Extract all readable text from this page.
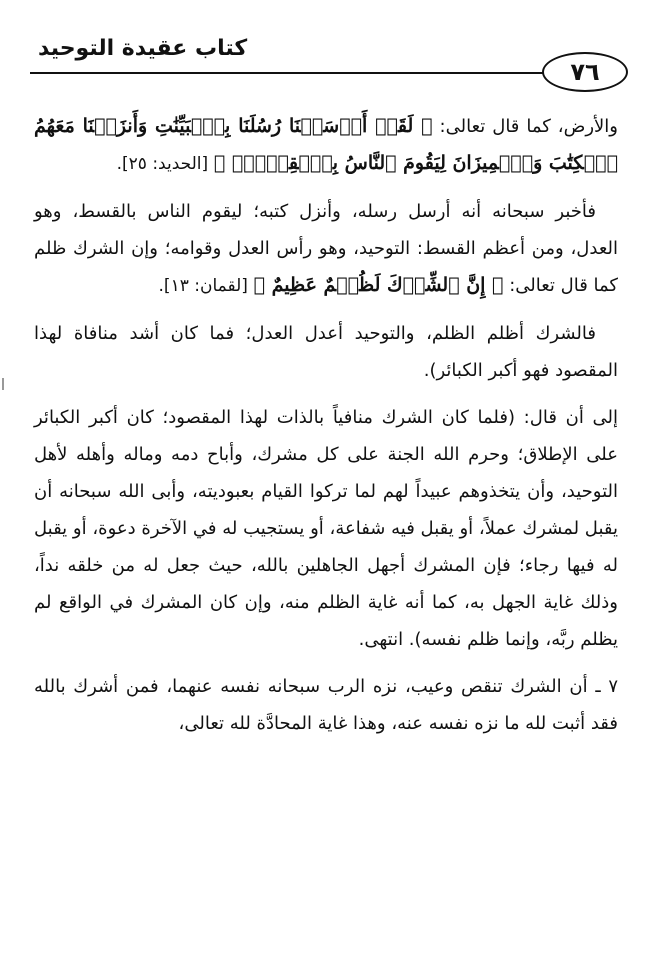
كتاب عقيدة التوحيد
٧٦

والأرض، كما قال تعالى: ﴿ لَقَدۡ أَرۡسَلۡنَا رُسُلَنَا بِٱلۡبَيِّنَٰتِ وَأَنزَلۡنَا مَعَهُمُ ٱلۡكِتَٰبَ وَٱلۡمِيزَانَ لِيَقُومَ ٱلنَّاسُ بِٱلۡقِسۡطِۖ ﴾ [الحديد: ٢٥].

فأخبر سبحانه أنه أرسل رسله، وأنزل كتبه؛ ليقوم الناس بالقسط، وهو العدل، ومن أعظم القسط: التوحيد، وهو رأس العدل وقوامه؛ وإن الشرك ظلم كما قال تعالى: ﴿ إِنَّ ٱلشِّرۡكَ لَظُلۡمٌ عَظِيمٌ ﴾ [لقمان: ١٣].

فالشرك أظلم الظلم، والتوحيد أعدل العدل؛ فما كان أشد منافاة لهذا المقصود فهو أكبر الكبائر).

إلى أن قال: (فلما كان الشرك منافياً بالذات لهذا المقصود؛ كان أكبر الكبائر على الإطلاق؛ وحرم الله الجنة على كل مشرك، وأباح دمه وماله وأهله لأهل التوحيد، وأن يتخذوهم عبيداً لهم لما تركوا القيام بعبوديته، وأبى الله سبحانه أن يقبل لمشرك عملاً، أو يقبل فيه شفاعة، أو يستجيب له في الآخرة دعوة، أو يقبل له فيها رجاء؛ فإن المشرك أجهل الجاهلين بالله، حيث جعل له من خلقه نداً، وذلك غاية الجهل به، كما أنه غاية الظلم منه، وإن كان المشرك في الواقع لم يظلم ربَّه، وإنما ظلم نفسه). انتهى.

٧ ـ أن الشرك تنقص وعيب، نزه الرب سبحانه نفسه عنهما، فمن أشرك بالله فقد أثبت لله ما نزه نفسه عنه، وهذا غاية المحادَّة لله تعالى،
